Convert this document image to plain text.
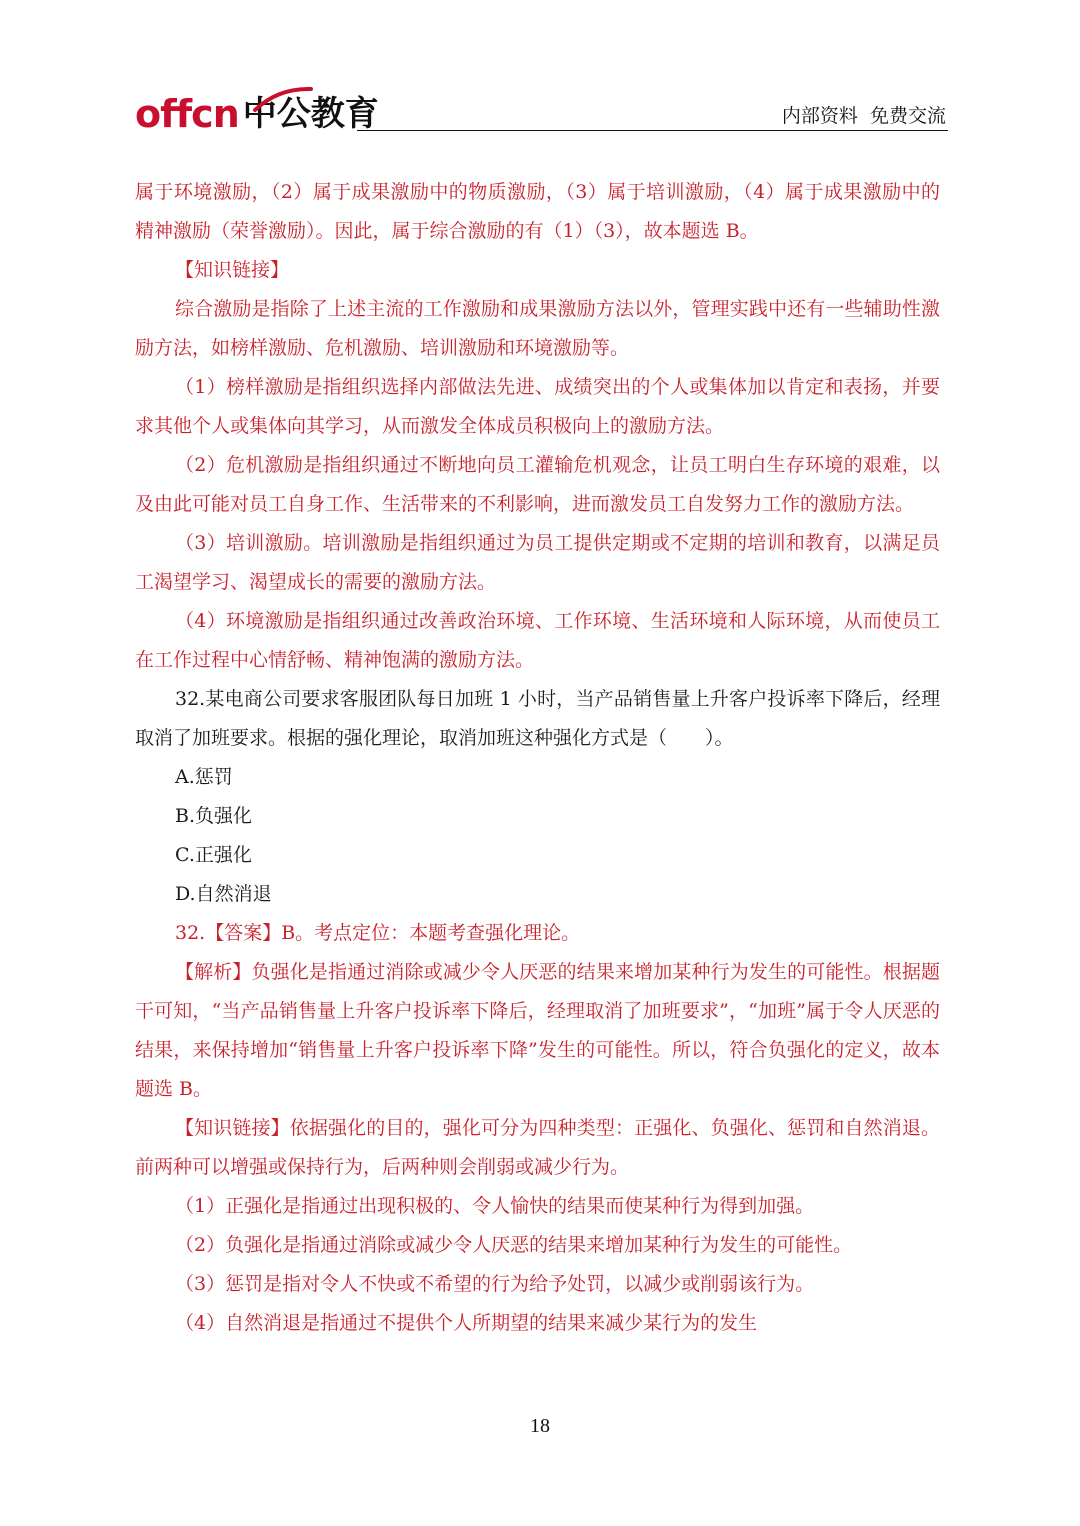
offcn 中公教育	内部资料  免费交流

属于环境激励，（2）属于成果激励中的物质激励，（3）属于培训激励，（4）属于成果激励中的精神激励（荣誉激励）。因此，属于综合激励的有（1）（3），故本题选 B。

【知识链接】

综合激励是指除了上述主流的工作激励和成果激励方法以外，管理实践中还有一些辅助性激励方法，如榜样激励、危机激励、培训激励和环境激励等。

（1）榜样激励是指组织选择内部做法先进、成绩突出的个人或集体加以肯定和表扬，并要求其他个人或集体向其学习，从而激发全体成员积极向上的激励方法。

（2）危机激励是指组织通过不断地向员工灌输危机观念，让员工明白生存环境的艰难，以及由此可能对员工自身工作、生活带来的不利影响，进而激发员工自发努力工作的激励方法。

（3）培训激励。培训激励是指组织通过为员工提供定期或不定期的培训和教育，以满足员工渴望学习、渴望成长的需要的激励方法。

（4）环境激励是指组织通过改善政治环境、工作环境、生活环境和人际环境，从而使员工在工作过程中心情舒畅、精神饱满的激励方法。

32.某电商公司要求客服团队每日加班 1 小时，当产品销售量上升客户投诉率下降后，经理取消了加班要求。根据的强化理论，取消加班这种强化方式是（　　）。

A.惩罚
B.负强化
C.正强化
D.自然消退

32.【答案】B。考点定位：本题考查强化理论。

【解析】负强化是指通过消除或减少令人厌恶的结果来增加某种行为发生的可能性。根据题干可知，“当产品销售量上升客户投诉率下降后，经理取消了加班要求”，“加班”属于令人厌恶的结果，来保持增加“销售量上升客户投诉率下降”发生的可能性。所以，符合负强化的定义，故本题选 B。

【知识链接】依据强化的目的，强化可分为四种类型：正强化、负强化、惩罚和自然消退。前两种可以增强或保持行为，后两种则会削弱或减少行为。

（1）正强化是指通过出现积极的、令人愉快的结果而使某种行为得到加强。

（2）负强化是指通过消除或减少令人厌恶的结果来增加某种行为发生的可能性。

（3）惩罚是指对令人不快或不希望的行为给予处罚，以减少或削弱该行为。

（4）自然消退是指通过不提供个人所期望的结果来减少某行为的发生

18
